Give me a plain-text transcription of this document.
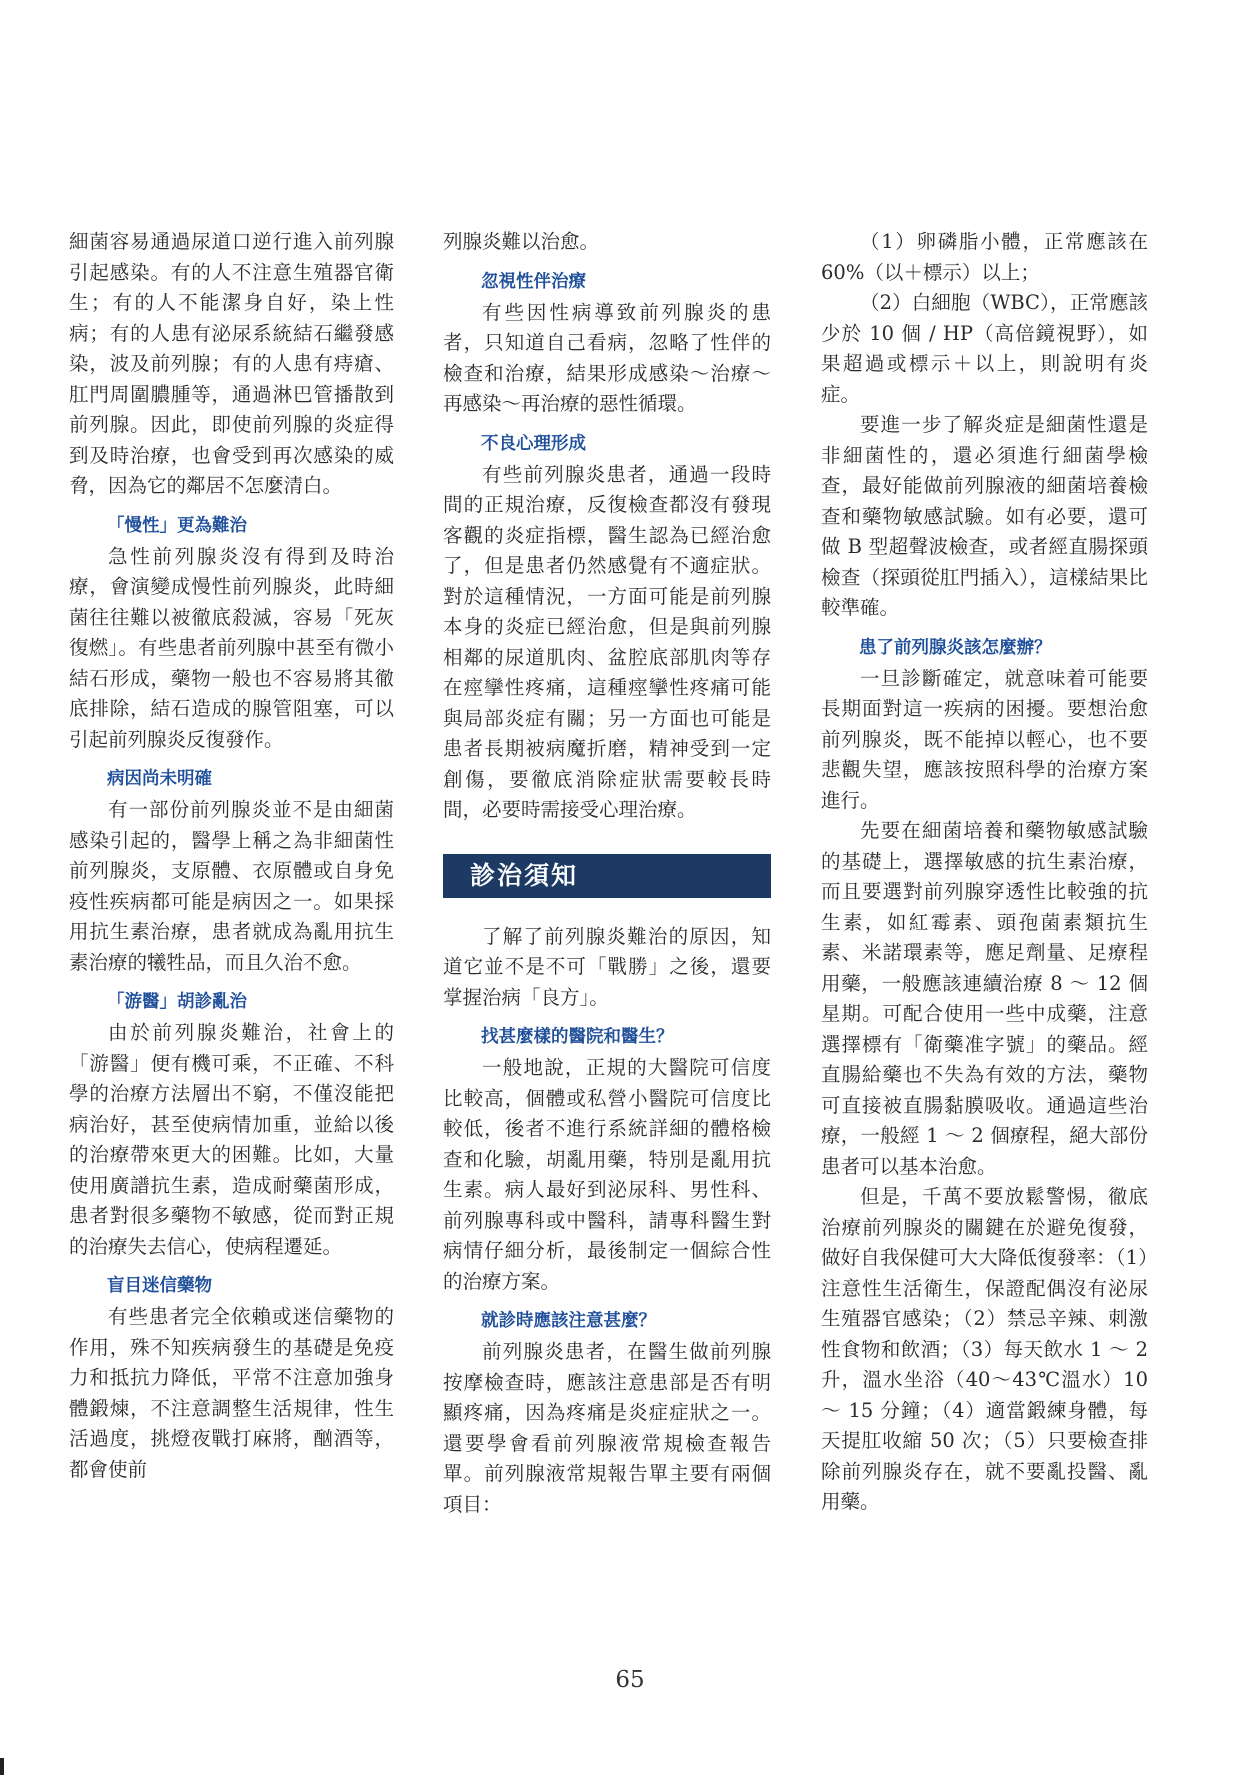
細菌容易通過尿道口逆行進入前列腺引起感染。有的人不注意生殖器官衛生；有的人不能潔身自好，染上性病；有的人患有泌尿系統結石繼發感染，波及前列腺；有的人患有痔瘡、肛門周圍膿腫等，通過淋巴管播散到前列腺。因此，即使前列腺的炎症得到及時治療，也會受到再次感染的威脅，因為它的鄰居不怎麼清白。

「慢性」更為難治

急性前列腺炎沒有得到及時治療，會演變成慢性前列腺炎，此時細菌往往難以被徹底殺滅，容易「死灰復燃」。有些患者前列腺中甚至有微小結石形成，藥物一般也不容易將其徹底排除，結石造成的腺管阻塞，可以引起前列腺炎反復發作。

病因尚未明確

有一部份前列腺炎並不是由細菌感染引起的，醫學上稱之為非細菌性前列腺炎，支原體、衣原體或自身免疫性疾病都可能是病因之一。如果採用抗生素治療，患者就成為亂用抗生素治療的犧牲品，而且久治不愈。

「游醫」胡診亂治

由於前列腺炎難治，社會上的「游醫」便有機可乘，不正確、不科學的治療方法層出不窮，不僅沒能把病治好，甚至使病情加重，並給以後的治療帶來更大的困難。比如，大量使用廣譜抗生素，造成耐藥菌形成，患者對很多藥物不敏感，從而對正規的治療失去信心，使病程遷延。

盲目迷信藥物

有些患者完全依賴或迷信藥物的作用，殊不知疾病發生的基礎是免疫力和抵抗力降低，平常不注意加強身體鍛煉，不注意調整生活規律，性生活過度，挑燈夜戰打麻將，酗酒等，都會使前

列腺炎難以治愈。

忽視性伴治療

有些因性病導致前列腺炎的患者，只知道自己看病，忽略了性伴的檢查和治療，結果形成感染～治療～再感染～再治療的惡性循環。

不良心理形成

有些前列腺炎患者，通過一段時間的正規治療，反復檢查都沒有發現客觀的炎症指標，醫生認為已經治愈了，但是患者仍然感覺有不適症狀。對於這種情況，一方面可能是前列腺本身的炎症已經治愈，但是與前列腺相鄰的尿道肌肉、盆腔底部肌肉等存在痙攣性疼痛，這種痙攣性疼痛可能與局部炎症有關；另一方面也可能是患者長期被病魔折磨，精神受到一定創傷，要徹底消除症狀需要較長時間，必要時需接受心理治療。

診治須知

了解了前列腺炎難治的原因，知道它並不是不可「戰勝」之後，還要掌握治病「良方」。

找甚麼樣的醫院和醫生？

一般地說，正規的大醫院可信度比較高，個體或私營小醫院可信度比較低，後者不進行系統詳細的體格檢查和化驗，胡亂用藥，特別是亂用抗生素。病人最好到泌尿科、男性科、前列腺專科或中醫科，請專科醫生對病情仔細分析，最後制定一個綜合性的治療方案。

就診時應該注意甚麼？

前列腺炎患者，在醫生做前列腺按摩檢查時，應該注意患部是否有明顯疼痛，因為疼痛是炎症症狀之一。還要學會看前列腺液常規檢查報告單。前列腺液常規報告單主要有兩個項目：

（1）卵磷脂小體，正常應該在 60%（以＋標示）以上；

（2）白細胞（WBC），正常應該少於 10 個 / HP（高倍鏡視野），如果超過或標示＋以上，則說明有炎症。

要進一步了解炎症是細菌性還是非細菌性的，還必須進行細菌學檢查，最好能做前列腺液的細菌培養檢查和藥物敏感試驗。如有必要，還可做 B 型超聲波檢查，或者經直腸探頭檢查（探頭從肛門插入），這樣結果比較準確。

患了前列腺炎該怎麼辦？

一旦診斷確定，就意味着可能要長期面對這一疾病的困擾。要想治愈前列腺炎，既不能掉以輕心，也不要悲觀失望，應該按照科學的治療方案進行。

先要在細菌培養和藥物敏感試驗的基礎上，選擇敏感的抗生素治療，而且要選對前列腺穿透性比較強的抗生素，如紅霉素、頭孢菌素類抗生素、米諾環素等，應足劑量、足療程用藥，一般應該連續治療 8 ～ 12 個星期。可配合使用一些中成藥，注意選擇標有「衛藥准字號」的藥品。經直腸給藥也不失為有效的方法，藥物可直接被直腸黏膜吸收。通過這些治療，一般經 1 ～ 2 個療程，絕大部份患者可以基本治愈。

但是，千萬不要放鬆警惕，徹底治療前列腺炎的關鍵在於避免復發，做好自我保健可大大降低復發率：（1）注意性生活衛生，保證配偶沒有泌尿生殖器官感染；（2）禁忌辛辣、刺激性食物和飲酒；（3）每天飲水 1 ～ 2 升，溫水坐浴（40～43℃溫水）10 ～ 15 分鐘；（4）適當鍛練身體，每天提肛收縮 50 次；（5）只要檢查排除前列腺炎存在，就不要亂投醫、亂用藥。

65
